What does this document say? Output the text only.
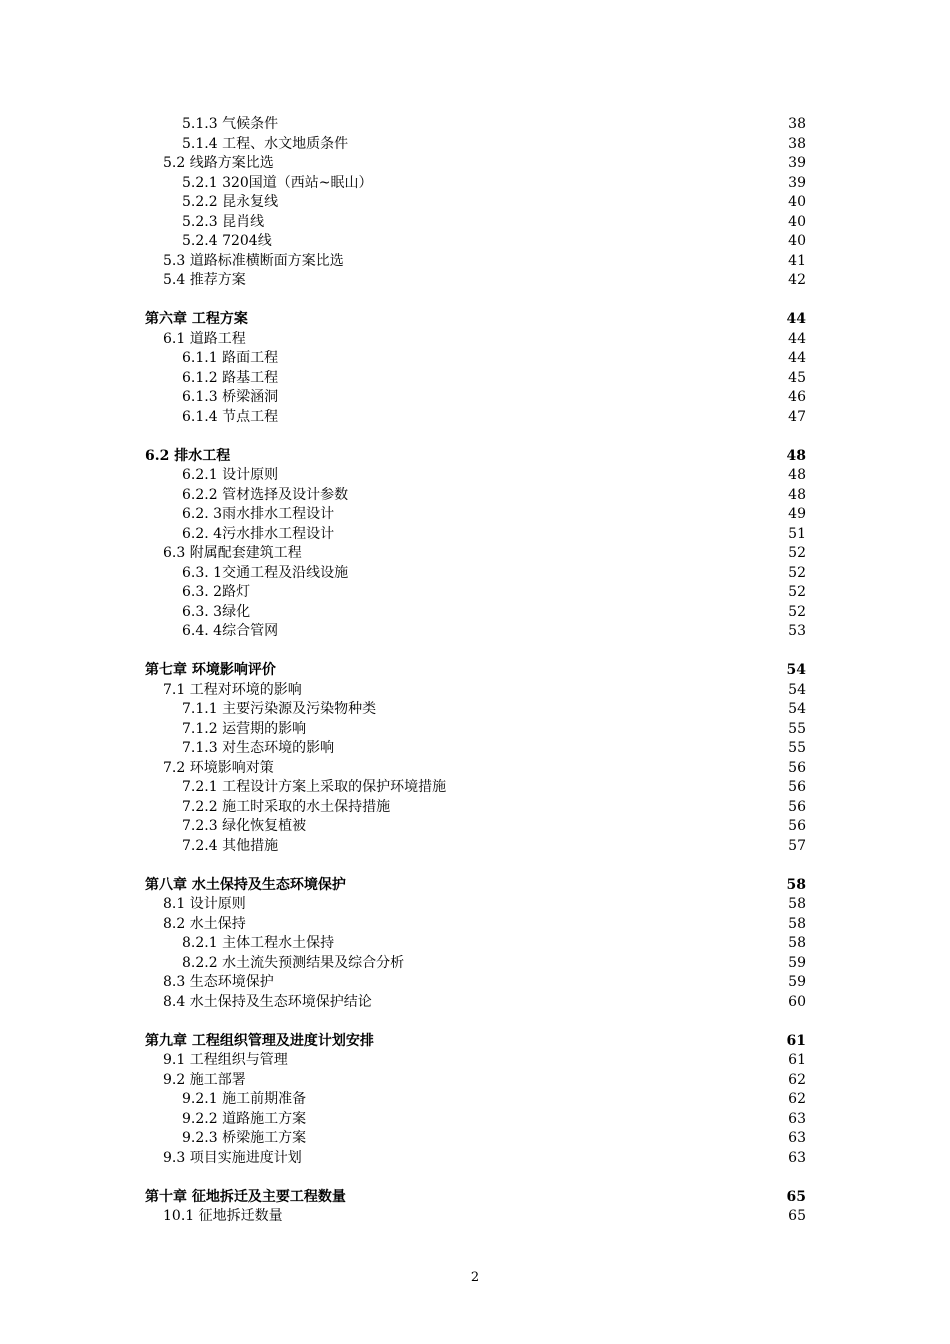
5.1.3 气候条件	38
5.1.4 工程、水文地质条件	38
5.2 线路方案比选	39
5.2.1 320国道（西站~眠山）	39
5.2.2 昆永复线	40
5.2.3 昆肖线	40
5.2.4 7204线	40
5.3 道路标准横断面方案比选	41
5.4 推荐方案	42
第六章 工程方案	44
6.1 道路工程	44
6.1.1 路面工程	44
6.1.2 路基工程	45
6.1.3 桥梁涵洞	46
6.1.4 节点工程	47
6.2 排水工程	48
6.2.1 设计原则	48
6.2.2 管材选择及设计参数	48
6.2. 3雨水排水工程设计	49
6.2. 4污水排水工程设计	51
6.3 附属配套建筑工程	52
6.3. 1交通工程及沿线设施	52
6.3. 2路灯	52
6.3. 3绿化	52
6.4. 4综合管网	53
第七章 环境影响评价	54
7.1 工程对环境的影响	54
7.1.1 主要污染源及污染物种类	54
7.1.2 运营期的影响	55
7.1.3 对生态环境的影响	55
7.2 环境影响对策	56
7.2.1 工程设计方案上采取的保护环境措施	56
7.2.2 施工时采取的水土保持措施	56
7.2.3 绿化恢复植被	56
7.2.4 其他措施	57
第八章 水土保持及生态环境保护	58
8.1 设计原则	58
8.2 水土保持	58
8.2.1 主体工程水土保持	58
8.2.2 水土流失预测结果及综合分析	59
8.3 生态环境保护	59
8.4 水土保持及生态环境保护结论	60
第九章 工程组织管理及进度计划安排	61
9.1 工程组织与管理	61
9.2 施工部署	62
9.2.1 施工前期准备	62
9.2.2 道路施工方案	63
9.2.3 桥梁施工方案	63
9.3 项目实施进度计划	63
第十章 征地拆迁及主要工程数量	65
10.1 征地拆迁数量	65
2
